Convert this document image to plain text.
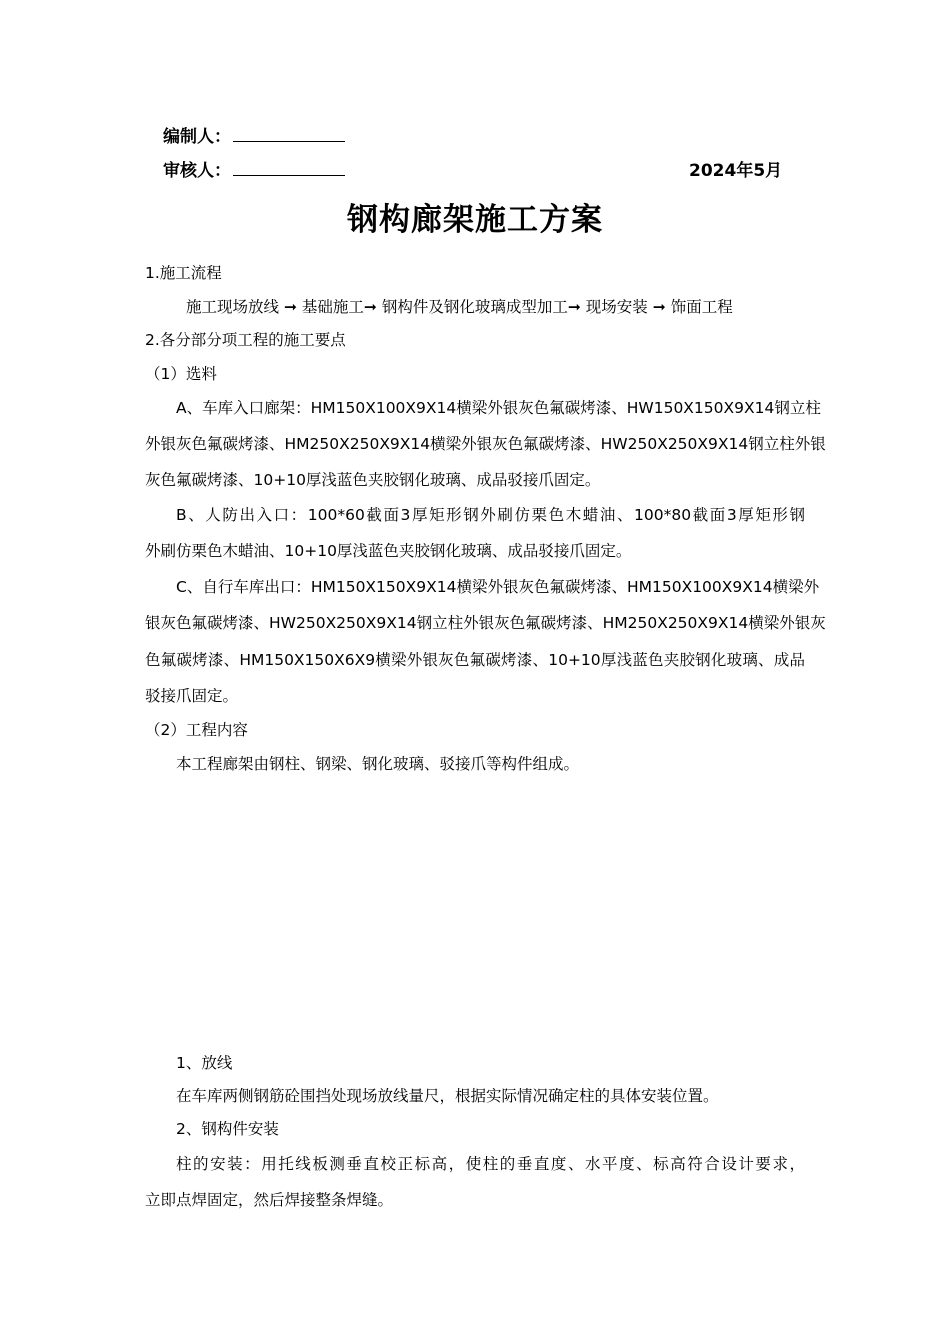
编制人：
审核人：	2024年5月
钢构廊架施工方案
1.施工流程
施工现场放线 ➞ 基础施工➞ 钢构件及钢化玻璃成型加工➞ 现场安装 ➞ 饰面工程
2.各分部分项工程的施工要点
（1）选料
A、车库入口廊架：HM150X100X9X14横梁外银灰色氟碳烤漆、HW150X150X9X14钢立柱
外银灰色氟碳烤漆、HM250X250X9X14横梁外银灰色氟碳烤漆、HW250X250X9X14钢立柱外银
灰色氟碳烤漆、10+10厚浅蓝色夹胶钢化玻璃、成品驳接爪固定。
B、人防出入口：100*60截面3厚矩形钢外刷仿栗色木蜡油、100*80截面3厚矩形钢
外刷仿栗色木蜡油、10+10厚浅蓝色夹胶钢化玻璃、成品驳接爪固定。
C、自行车库出口：HM150X150X9X14横梁外银灰色氟碳烤漆、HM150X100X9X14横梁外
银灰色氟碳烤漆、HW250X250X9X14钢立柱外银灰色氟碳烤漆、HM250X250X9X14横梁外银灰
色氟碳烤漆、HM150X150X6X9横梁外银灰色氟碳烤漆、10+10厚浅蓝色夹胶钢化玻璃、成品
驳接爪固定。
（2）工程内容
本工程廊架由钢柱、钢梁、钢化玻璃、驳接爪等构件组成。
1、放线
在车库两侧钢筋砼围挡处现场放线量尺，根据实际情况确定柱的具体安装位置。
2、钢构件安装
柱的安装：用托线板测垂直校正标高，使柱的垂直度、水平度、标高符合设计要求，
立即点焊固定，然后焊接整条焊缝。
